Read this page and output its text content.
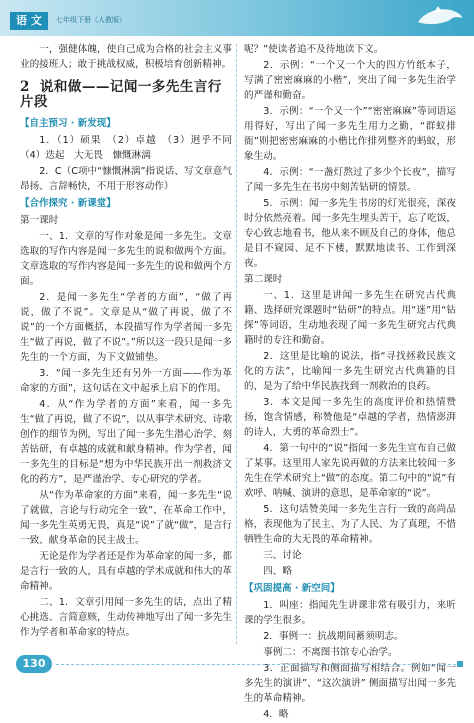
语 文	七年级下册（人教版）

一，强健体魄，使自己成为合格的社会主义事业的接班人；敢于挑战权威，积极培育创新精神。

2 说和做——记闻一多先生言行片段
【自主预习 · 新发现】

1．（1）硕果　（2）卓越　（3）迥乎不同　（4）迭起　大无畏　慷慨淋漓

2．C（C项中“慷慨淋漓”指说话、写文章意气昂扬、言辞畅快，不用于形容动作）

【合作探究 · 新课堂】

第一课时

一、1．文章的写作对象是闻一多先生。文章选取的写作内容是闻一多先生的说和做两个方面。文章选取的写作内容是闻一多先生的说和做两个方面。

2．是闻一多先生“学者的方面”，“做了再说，做了不说”。文章是从“做了再说，做了不说”的一个方面概括，本段描写作为学者闻一多先生“做了再说，做了不说”。”所以这一段只是闻一多先生的一个方面，为下文做铺垫。

3．“闻一多先生还有另外一方面——作为革命家的方面”，这句话在文中起承上启下的作用。

4．从“作为学者的方面”来看，闻一多先生“做了再说，做了不说”，以从事学术研究、诗歌创作的细节为例，写出了闻一多先生潜心治学、刻苦钻研，有卓越的成就和献身精神。作为学者，闻一多先生的目标是“想为中华民族开出一剂救济文化的药方”，是严谨治学、专心研究的学者。

从“作为革命家的方面”来看，闻一多先生“说了就做，言论与行动完全一致”，在革命工作中，闻一多先生英勇无畏，真是“说”了就“做”，是言行一致、献身革命的民主战士。

无论是作为学者还是作为革命家的闻一多，都是言行一致的人，具有卓越的学术成就和伟大的革命精神。

二、1．文章引用闻一多先生的话，点出了精心挑选、言简意赅，生动传神地写出了闻一多先生作为学者和革命家的特点。

呢？”使读者追不及待地读下文。

2．示例：“一个又一个大的四方竹纸本子，写满了密密麻麻的小楷”，突出了闻一多先生治学的严谨和勤奋。

3．示例：“一个又一个”“密密麻麻”等词语运用得好，写出了闻一多先生用力之勤，“群蚁排衙”则把密密麻麻的小楷比作排列整齐的蚂蚁，形象生动。

4．示例：“一盏灯熬过了多少个长夜”，描写了闻一多先生在书房中刻苦钻研的情景。

5．示例：闻一多先生书房的灯光很亮，深夜时分依然亮着。闻一多先生埋头苦干，忘了吃饭，专心致志地看书，他从来不顾及自己的身体，他总是目不窥园、足不下楼，默默地读书、工作到深夜。

第二课时

一、1．这里是讲闻一多先生在研究古代典籍、选择研究课题时“钻研”的特点。用“迷”用“钻探”等词语，生动地表现了闻一多先生研究古代典籍时的专注和勤奋。

2．这里是比喻的说法，指“寻找拯救民族文化的方法”，比喻闻一多先生研究古代典籍的目的，是为了给中华民族找到一剂救治的良药。

3．本文是闻一多先生的高度评价和热情赞扬，饱含情感，称赞他是“卓越的学者，热情澎湃的诗人，大勇的革命烈士”。

4．第一句中的“说”指闻一多先生宣布自己做了某事。这里用人家先说再做的方法来比较闻一多先生在学术研究上“做”的态度。第二句中的“说”有欢呼、呐喊、演讲的意思，是革命家的“说”。

5．这句话赞美闻一多先生言行一致的高尚品格，表现他为了民主、为了人民、为了真理，不惜牺牲生命的大无畏的革命精神。

三、讨论

四、略

【巩固提高 · 新空间】

1．叫座：指闻先生讲课非常有吸引力，来听课的学生很多。

2．事例一：抗战期间蓄须明志。

事例二：不离图书馆专心治学。

3．正面描写和侧面描写相结合。例如“闻一多先生的演讲”、“这次演讲” 侧面描写出闻一多先生的革命精神。

4．略

130
